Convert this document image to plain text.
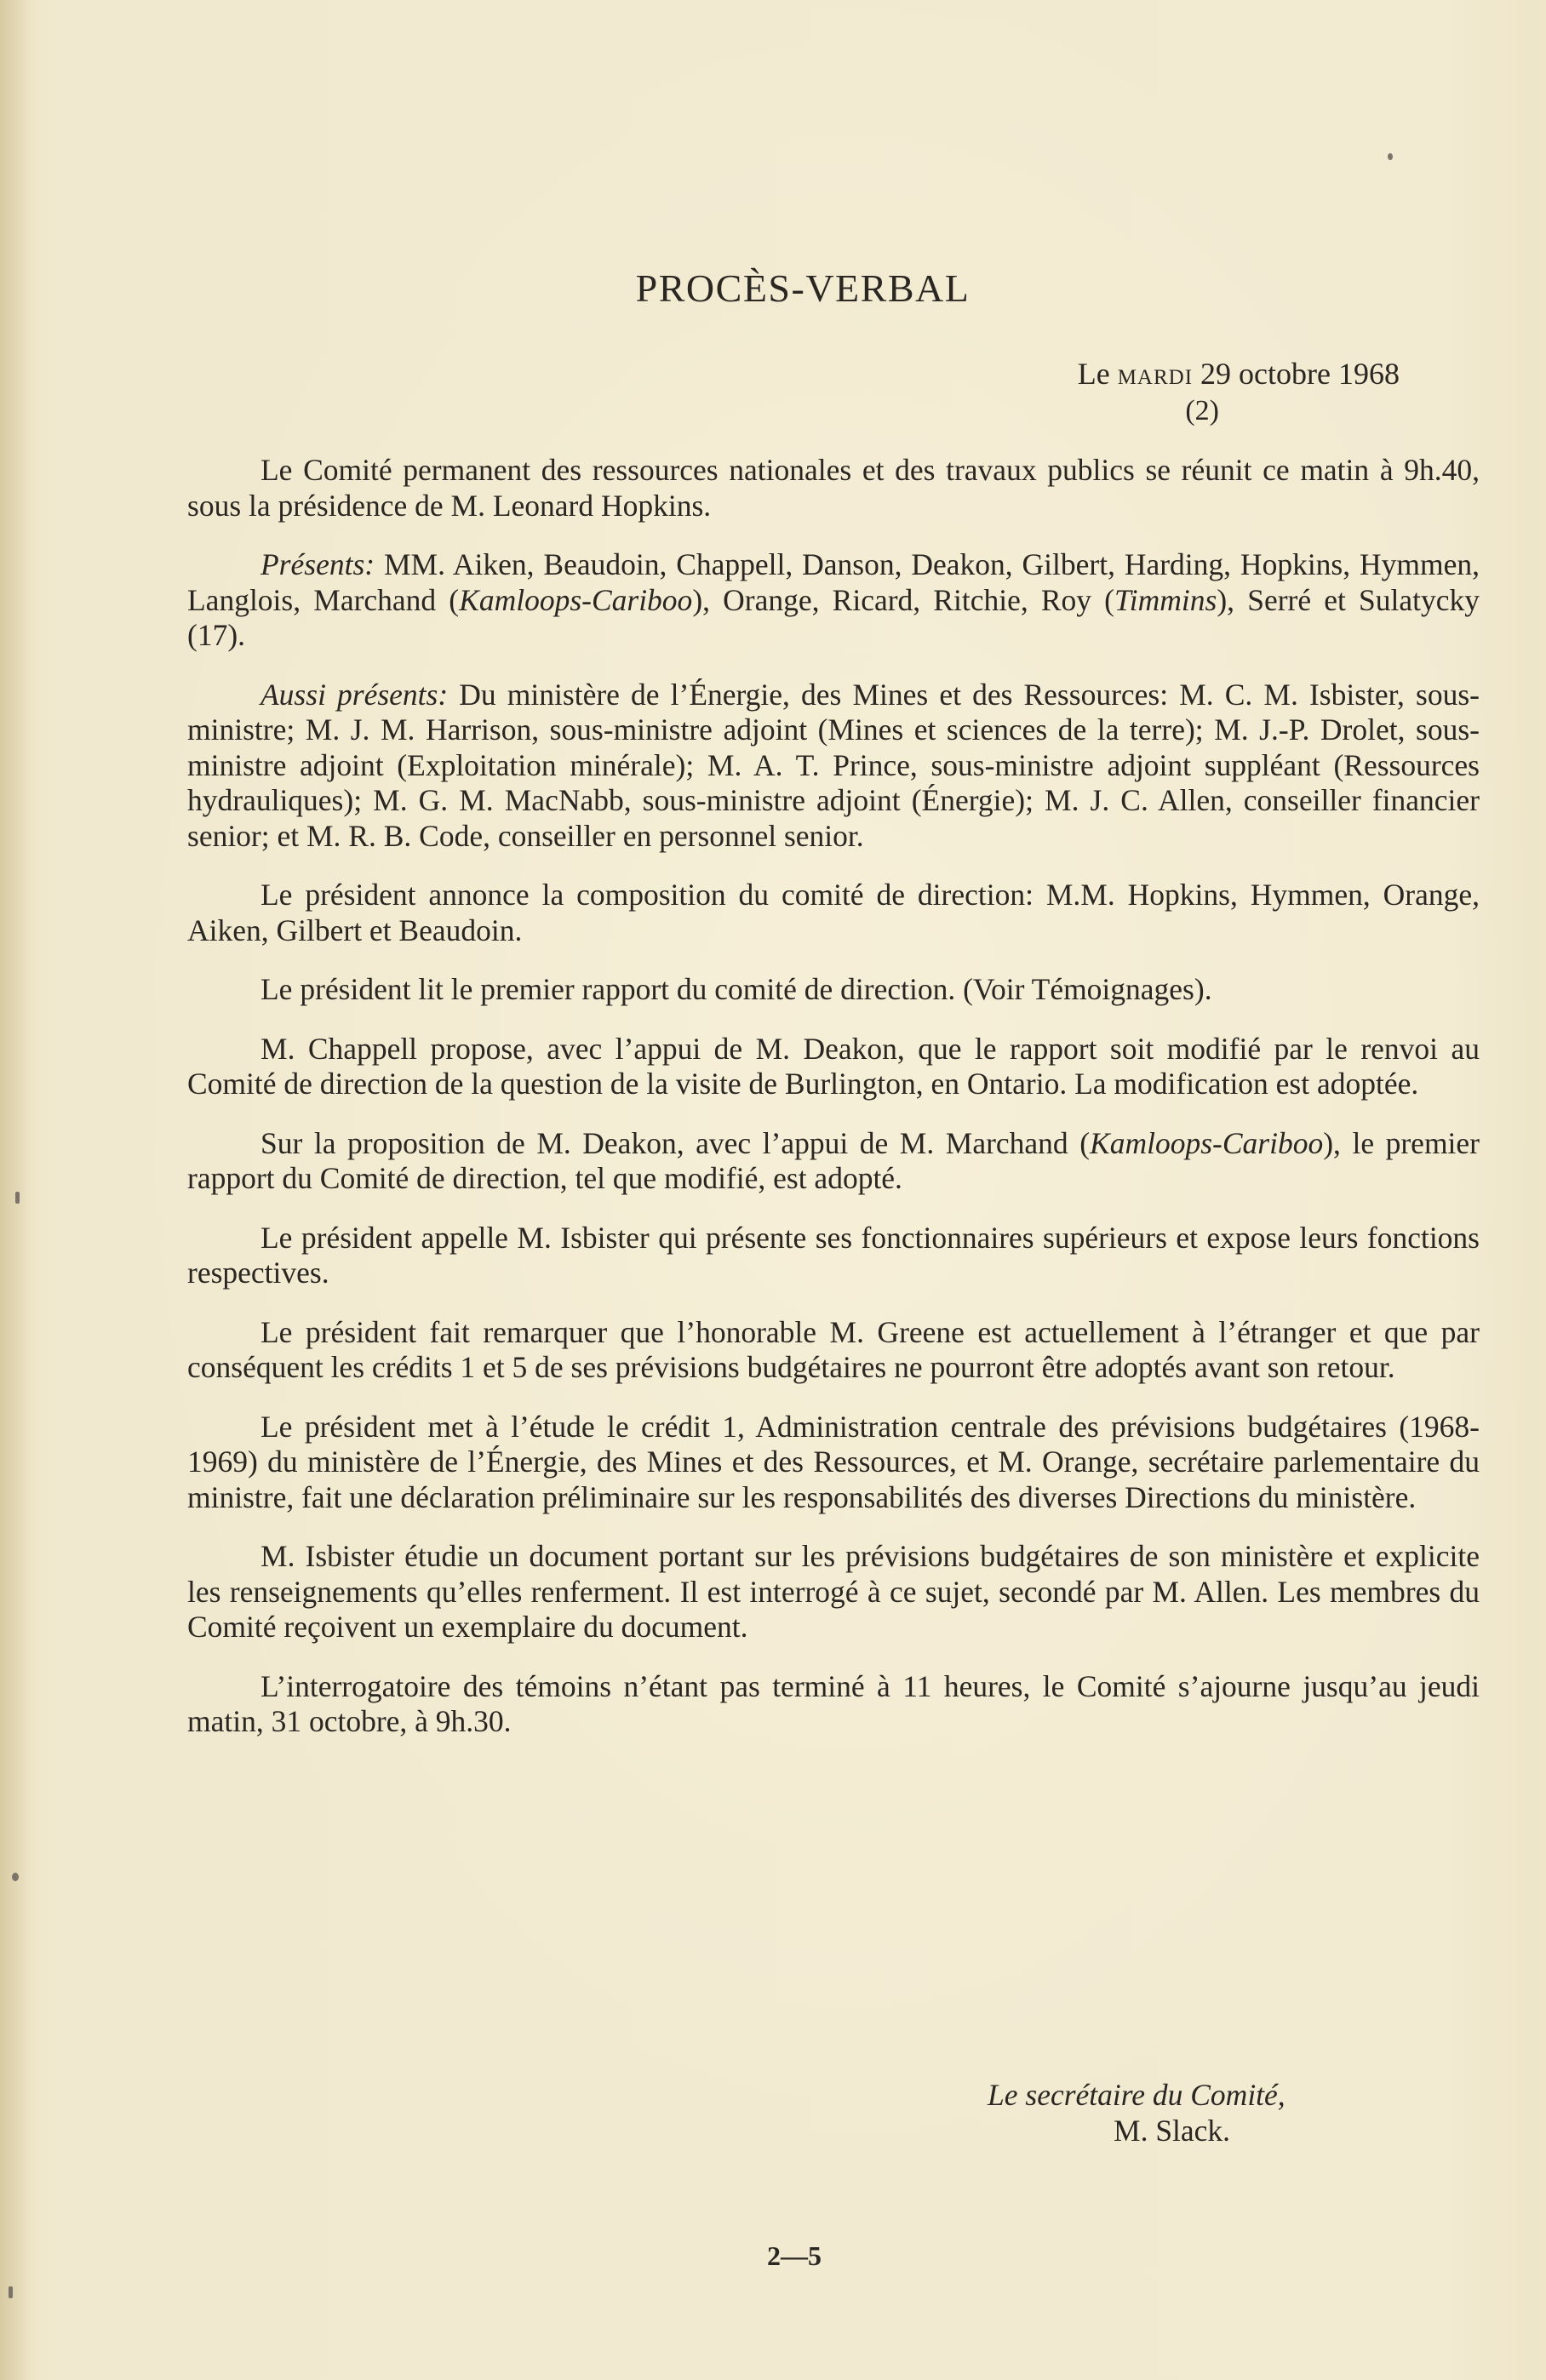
PROCÈS-VERBAL
Le mardi 29 octobre 1968
(2)

Le Comité permanent des ressources nationales et des travaux publics se réunit ce matin à 9h.40, sous la présidence de M. Leonard Hopkins.

Présents: MM. Aiken, Beaudoin, Chappell, Danson, Deakon, Gilbert, Harding, Hopkins, Hymmen, Langlois, Marchand (Kamloops-Cariboo), Orange, Ricard, Ritchie, Roy (Timmins), Serré et Sulatycky (17).

Aussi présents: Du ministère de l’Énergie, des Mines et des Ressources: M. C. M. Isbister, sous-ministre; M. J. M. Harrison, sous-ministre adjoint (Mines et sciences de la terre); M. J.-P. Drolet, sous-ministre adjoint (Exploitation minérale); M. A. T. Prince, sous-ministre adjoint suppléant (Ressources hydrauliques); M. G. M. MacNabb, sous-ministre adjoint (Énergie); M. J. C. Allen, conseiller financier senior; et M. R. B. Code, conseiller en personnel senior.

Le président annonce la composition du comité de direction: M.M. Hopkins, Hymmen, Orange, Aiken, Gilbert et Beaudoin.

Le président lit le premier rapport du comité de direction. (Voir Témoignages).

M. Chappell propose, avec l’appui de M. Deakon, que le rapport soit modifié par le renvoi au Comité de direction de la question de la visite de Burlington, en Ontario. La modification est adoptée.

Sur la proposition de M. Deakon, avec l’appui de M. Marchand (Kamloops-Cariboo), le premier rapport du Comité de direction, tel que modifié, est adopté.

Le président appelle M. Isbister qui présente ses fonctionnaires supérieurs et expose leurs fonctions respectives.

Le président fait remarquer que l’honorable M. Greene est actuellement à l’étranger et que par conséquent les crédits 1 et 5 de ses prévisions budgétaires ne pourront être adoptés avant son retour.

Le président met à l’étude le crédit 1, Administration centrale des prévisions budgétaires (1968-1969) du ministère de l’Énergie, des Mines et des Ressources, et M. Orange, secrétaire parlementaire du ministre, fait une déclaration préliminaire sur les responsabilités des diverses Directions du ministère.

M. Isbister étudie un document portant sur les prévisions budgétaires de son ministère et explicite les renseignements qu’elles renferment. Il est interrogé à ce sujet, secondé par M. Allen. Les membres du Comité reçoivent un exemplaire du document.

L’interrogatoire des témoins n’étant pas terminé à 11 heures, le Comité s’ajourne jusqu’au jeudi matin, 31 octobre, à 9h.30.

Le secrétaire du Comité,
M. Slack.
2—5
